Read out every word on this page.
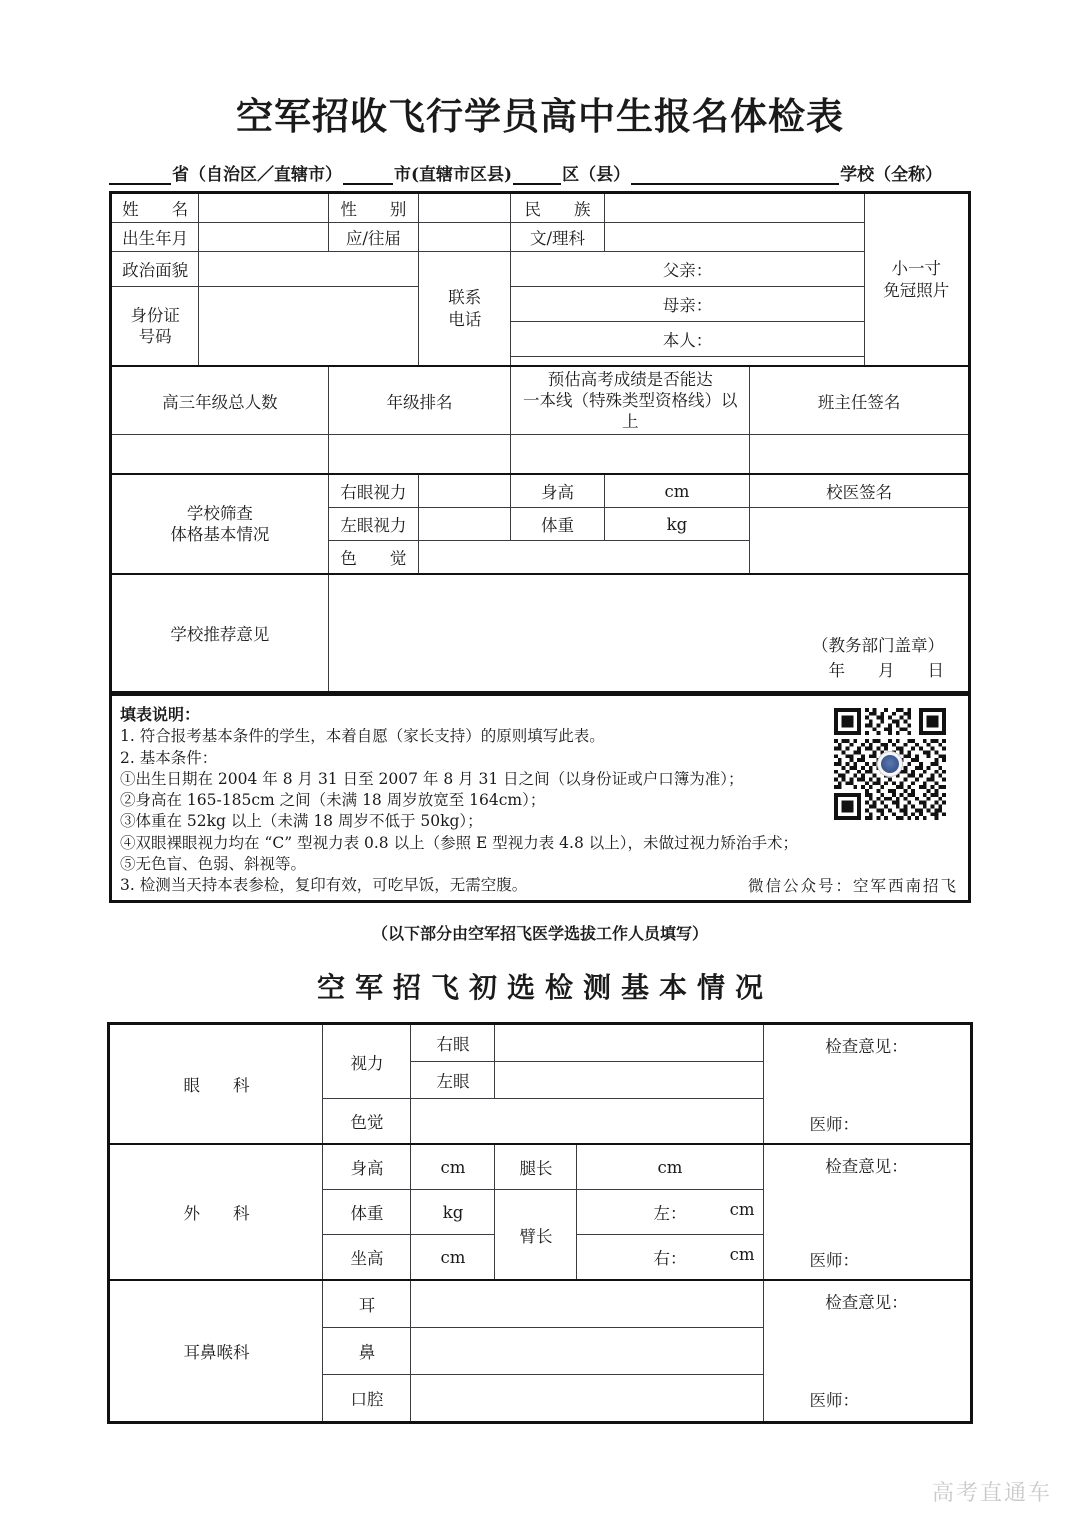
空军招收飞行学员高中生报名体检表
省（自治区／直辖市）	市(直辖市区县)	区（县）	学校（全称）
姓　　名		性　　别		民　　族			小一寸
免冠照片

出生年月		应/往届		文/理科			
政治面貌			联系
电话	父亲：			

身份证
号码				母亲：			
				本人：			

高三年级总人数		年级排名		预估高考成绩是否能达
一本线（特殊类型资格线）以上		班主任签名	

学校筛查
体格基本情况		右眼视力		身高	cm	校医签名	
		左眼视力		体重	kg		
		色　　觉					
学校推荐意见		（教务部门盖章）
年　　月　　日					
填表说明：
1. 符合报考基本条件的学生，本着自愿（家长支持）的原则填写此表。
2. 基本条件：
①出生日期在 2004 年 8 月 31 日至 2007 年 8 月 31 日之间（以身份证或户口簿为准）；
②身高在 165-185cm 之间（未满 18 周岁放宽至 164cm）；
③体重在 52kg 以上（未满 18 周岁不低于 50kg）；
④双眼裸眼视力均在 “C” 型视力表 0.8 以上（参照 E 型视力表 4.8 以上），未做过视力矫治手术；
⑤无色盲、色弱、斜视等。
3. 检测当天持本表参检，复印有效，可吃早饭，无需空腹。	微信公众号：空军西南招飞
（以下部分由空军招飞医学选拔工作人员填写）
空军招飞初选检测基本情况
眼　　科	视力	右眼			检查意见：
医师：

		左眼			
	色觉				
外　　科	身高	cm	腿长	cm	检查意见：
医师：

	体重	kg	臂长	左： cm	

	坐高	cm		右： cm	

耳鼻喉科	耳				检查意见：
医师：

	鼻				
	口腔				
高考直通车
